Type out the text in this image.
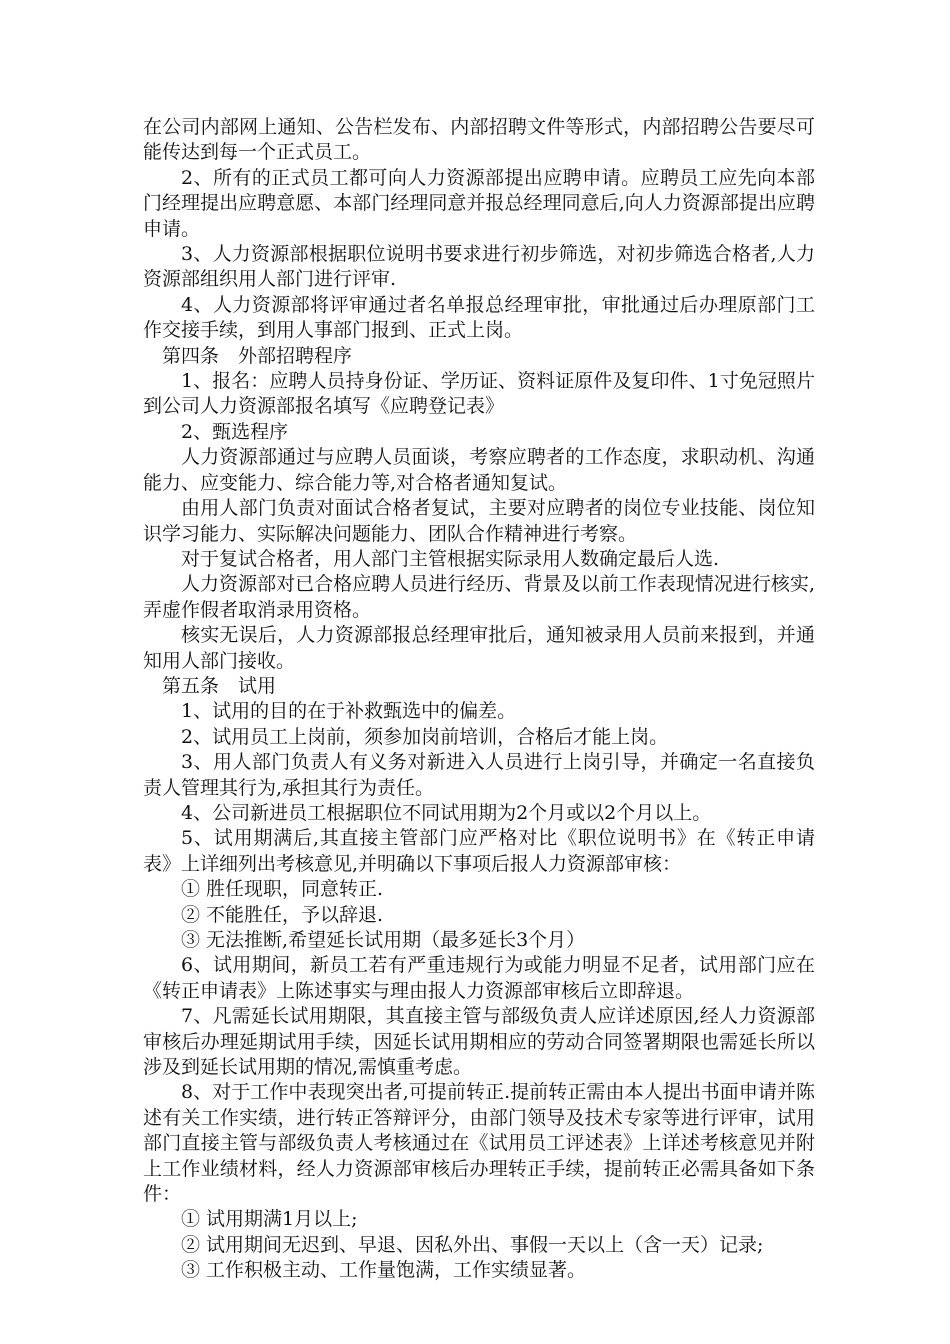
在公司内部网上通知、公告栏发布、内部招聘文件等形式，内部招聘公告要尽可能传达到每一个正式员工。

2、所有的正式员工都可向人力资源部提出应聘申请。应聘员工应先向本部门经理提出应聘意愿、本部门经理同意并报总经理同意后,向人力资源部提出应聘申请。

3、人力资源部根据职位说明书要求进行初步筛选，对初步筛选合格者,人力资源部组织用人部门进行评审.

4、人力资源部将评审通过者名单报总经理审批，审批通过后办理原部门工作交接手续，到用人事部门报到、正式上岗。

第四条　外部招聘程序

1、报名：应聘人员持身份证、学历证、资料证原件及复印件、1寸免冠照片到公司人力资源部报名填写《应聘登记表》

2、甄选程序

人力资源部通过与应聘人员面谈，考察应聘者的工作态度，求职动机、沟通能力、应变能力、综合能力等,对合格者通知复试。

由用人部门负责对面试合格者复试，主要对应聘者的岗位专业技能、岗位知识学习能力、实际解决问题能力、团队合作精神进行考察。

对于复试合格者，用人部门主管根据实际录用人数确定最后人选.

人力资源部对已合格应聘人员进行经历、背景及以前工作表现情况进行核实,弄虚作假者取消录用资格。

核实无误后，人力资源部报总经理审批后，通知被录用人员前来报到，并通知用人部门接收。

第五条　试用

1、试用的目的在于补救甄选中的偏差。

2、试用员工上岗前，须参加岗前培训，合格后才能上岗。

3、用人部门负责人有义务对新进入人员进行上岗引导，并确定一名直接负责人管理其行为,承担其行为责任。

4、公司新进员工根据职位不同试用期为2个月或以2个月以上。

5、试用期满后,其直接主管部门应严格对比《职位说明书》在《转正申请表》上详细列出考核意见,并明确以下事项后报人力资源部审核：

① 胜任现职，同意转正.

② 不能胜任，予以辞退.

③ 无法推断,希望延长试用期（最多延长3个月）

6、试用期间，新员工若有严重违规行为或能力明显不足者，试用部门应在《转正申请表》上陈述事实与理由报人力资源部审核后立即辞退。

7、凡需延长试用期限，其直接主管与部级负责人应详述原因,经人力资源部审核后办理延期试用手续，因延长试用期相应的劳动合同签署期限也需延长所以涉及到延长试用期的情况,需慎重考虑。

8、对于工作中表现突出者,可提前转正.提前转正需由本人提出书面申请并陈述有关工作实绩，进行转正答辩评分，由部门领导及技术专家等进行评审，试用部门直接主管与部级负责人考核通过在《试用员工评述表》上详述考核意见并附上工作业绩材料，经人力资源部审核后办理转正手续，提前转正必需具备如下条件：

① 试用期满1月以上;

② 试用期间无迟到、早退、因私外出、事假一天以上（含一天）记录;

③ 工作积极主动、工作量饱满，工作实绩显著。
